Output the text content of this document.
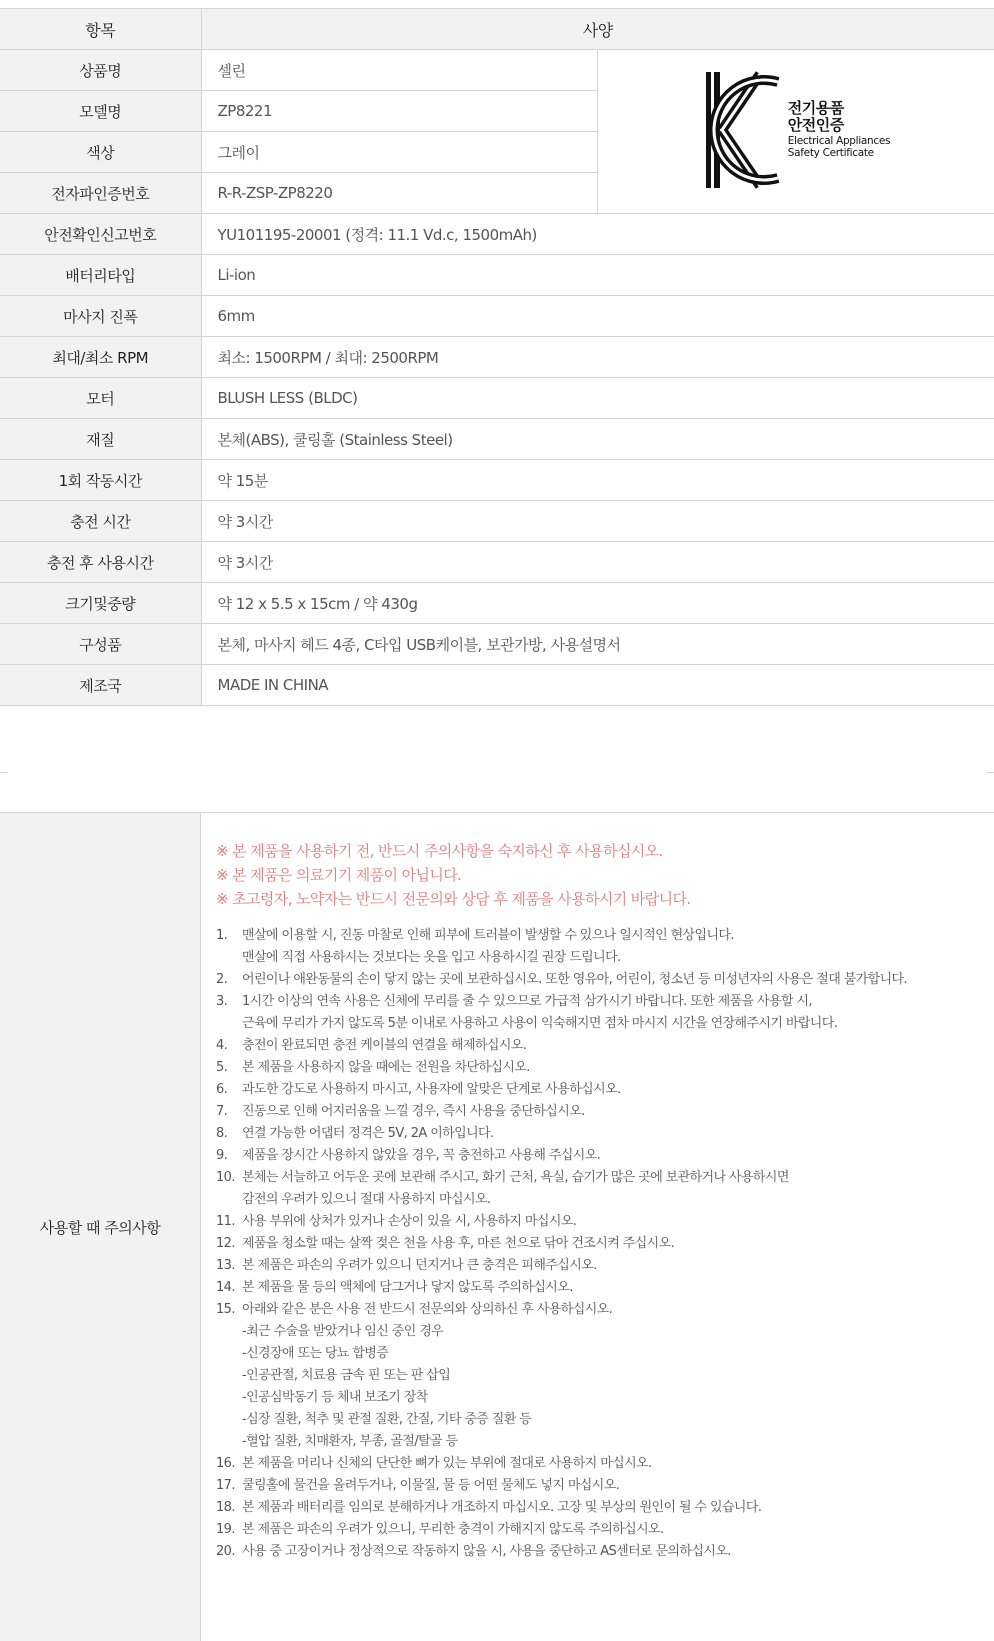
항목	사양	
상품명	셀린	전기용품
안전인증
Electrical Appliances
Safety Certificate

모델명	ZP8221	
색상	그레이	
전자파인증번호	R-R-ZSP-ZP8220	
안전확인신고번호	YU101195-20001 (정격: 11.1 Vd.c, 1500mAh)	
배터리타입	Li-ion	
마사지 진폭	6mm	
최대/최소 RPM	최소: 1500RPM / 최대: 2500RPM	
모터	BLUSH LESS (BLDC)	
재질	본체(ABS), 쿨링홀 (Stainless Steel)	
1회 작동시간	약 15분	
충전 시간	약 3시간	
충전 후 사용시간	약 3시간	
크기및중량	약 12 x 5.5 x 15cm / 약 430g	
구성품	본체, 마사지 헤드 4종, C타입 USB케이블, 보관가방, 사용설명서	
제조국	MADE IN CHINA	
사용할 때 주의사항
※ 본 제품을 사용하기 전, 반드시 주의사항을 숙지하신 후 사용하십시오.
※ 본 제품은 의료기기 제품이 아닙니다.
※ 초고령자, 노약자는 반드시 전문의와 상담 후 제품을 사용하시기 바랍니다.
1. 맨살에 이용할 시, 진동 마찰로 인해 피부에 트러블이 발생할 수 있으나 일시적인 현상입니다.
맨살에 직접 사용하시는 것보다는 옷을 입고 사용하시길 권장 드립니다.
2. 어린이나 애완동물의 손이 닿지 않는 곳에 보관하십시오. 또한 영유아, 어린이, 청소년 등 미성년자의 사용은 절대 불가합니다.
3. 1시간 이상의 연속 사용은 신체에 무리를 줄 수 있으므로 가급적 삼가시기 바랍니다. 또한 제품을 사용할 시,
근육에 무리가 가지 않도록 5분 이내로 사용하고 사용이 익숙해지면 점차 마시지 시간을 연장해주시기 바랍니다.
4. 충전이 완료되면 충전 케이블의 연결을 해제하십시오.
5. 본 제품을 사용하지 않을 때에는 전원을 차단하십시오.
6. 과도한 강도로 사용하지 마시고, 사용자에 알맞은 단계로 사용하십시오.
7. 진동으로 인해 어지러움을 느낄 경우, 즉시 사용을 중단하십시오.
8. 연결 가능한 어댑터 정격은 5V, 2A 이하입니다.
9. 제품을 장시간 사용하지 않았을 경우, 꼭 충전하고 사용해 주십시오.
10. 본체는 서늘하고 어두운 곳에 보관해 주시고, 화기 근처, 욕실, 습기가 많은 곳에 보관하거나 사용하시면
감전의 우려가 있으니 절대 사용하지 마십시오.
11. 사용 부위에 상처가 있거나 손상이 있을 시, 사용하지 마십시오.
12. 제품을 청소할 때는 살짝 젖은 천을 사용 후, 마른 천으로 닦아 건조시켜 주십시오.
13. 본 제품은 파손의 우려가 있으니 던지거나 큰 충격은 피해주십시오.
14. 본 제품을 물 등의 액체에 담그거나 닿지 않도록 주의하십시오.
15. 아래와 같은 분은 사용 전 반드시 전문의와 상의하신 후 사용하십시오.
-최근 수술을 받았거나 임신 중인 경우
-신경장애 또는 당뇨 합병증
-인공관절, 치료용 금속 핀 또는 판 삽입
-인공심박동기 등 체내 보조기 장착
-심장 질환, 척추 및 관절 질환, 간질, 기타 중증 질환 등
-혈압 질환, 치매환자, 부종, 골절/탈골 등
16. 본 제품을 머리나 신체의 단단한 뼈가 있는 부위에 절대로 사용하지 마십시오.
17. 쿨링홀에 물건을 올려두거나, 이물질, 물 등 어떤 물체도 넣지 마십시오.
18. 본 제품과 배터리를 임의로 분해하거나 개조하지 마십시오. 고장 및 부상의 원인이 될 수 있습니다.
19. 본 제품은 파손의 우려가 있으니, 무리한 충격이 가해지지 않도록 주의하십시오.
20. 사용 중 고장이거나 정상적으로 작동하지 않을 시, 사용을 중단하고 AS센터로 문의하십시오.
